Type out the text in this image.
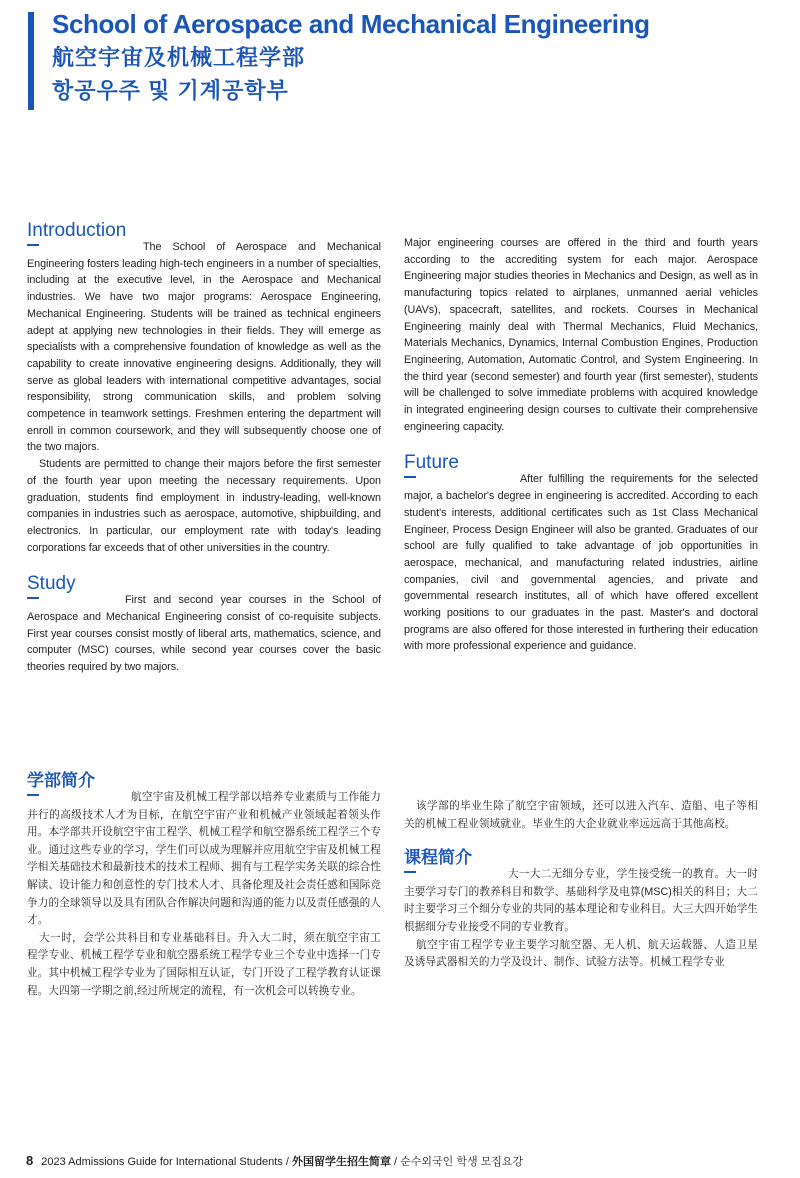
School of Aerospace and Mechanical Engineering
航空宇宙及机械工程学部
항공우주 및 기계공학부
Introduction

The School of Aerospace and Mechanical Engineering fosters leading high-tech engineers in a number of specialties, including at the executive level, in the Aerospace and Mechanical industries. We have two major programs: Aerospace Engineering, Mechanical Engineering. Students will be trained as technical engineers adept at applying new technologies in their fields. They will emerge as specialists with a comprehensive foundation of knowledge as well as the capability to create innovative engineering designs. Additionally, they will serve as global leaders with international competitive advantages, social responsibility, strong communication skills, and problem solving competence in teamwork settings. Freshmen entering the department will enroll in common coursework, and they will subsequently choose one of the two majors.

Students are permitted to change their majors before the first semester of the fourth year upon meeting the necessary requirements. Upon graduation, students find employment in industry-leading, well-known companies in industries such as aerospace, automotive, shipbuilding, and electronics. In particular, our employment rate with today's leading corporations far exceeds that of other universities in the country.

Study

First and second year courses in the School of Aerospace and Mechanical Engineering consist of co-requisite subjects. First year courses consist mostly of liberal arts, mathematics, science, and computer (MSC) courses, while second year courses cover the basic theories required by two majors.

Major engineering courses are offered in the third and fourth years according to the accrediting system for each major. Aerospace Engineering major studies theories in Mechanics and Design, as well as in manufacturing topics related to airplanes, unmanned aerial vehicles (UAVs), spacecraft, satellites, and rockets. Courses in Mechanical Engineering mainly deal with Thermal Mechanics, Fluid Mechanics, Materials Mechanics, Dynamics, Internal Combustion Engines, Production Engineering, Automation, Automatic Control, and System Engineering. In the third year (second semester) and fourth year (first semester), students will be challenged to solve immediate problems with acquired knowledge in integrated engineering design courses to cultivate their comprehensive engineering capacity.

Future

After fulfilling the requirements for the selected major, a bachelor's degree in engineering is accredited. According to each student's interests, additional certificates such as 1st Class Mechanical Engineer, Process Design Engineer will also be granted. Graduates of our school are fully qualified to take advantage of job opportunities in aerospace, mechanical, and manufacturing related industries, airline companies, civil and governmental agencies, and private and governmental research institutes, all of which have offered excellent working positions to our graduates in the past. Master's and doctoral programs are also offered for those interested in furthering their education with more professional experience and guidance.

学部简介

航空宇宙及机械工程学部以培养专业素质与工作能力并行的高级技术人才为目标，在航空宇宙产业和机械产业领域起着领头作用。本学部共开设航空宇宙工程学、机械工程学和航空器系统工程学三个专业。通过这些专业的学习，学生们可以成为理解并应用航空宇宙及机械工程学相关基础技术和最新技术的技术工程师、拥有与工程学实务关联的综合性解读、设计能力和创意性的专门技术人才、具备伦理及社会责任感和国际竞争力的全球领导以及具有团队合作解决问题和沟通的能力以及责任感强的人才。

大一时，会学公共科目和专业基础科目。升入大二时，须在航空宇宙工程学专业、机械工程学专业和航空器系统工程学专业三个专业中选择一门专业。其中机械工程学专业为了国际相互认证，专门开设了工程学教育认证课程。大四第一学期之前,经过所规定的流程，有一次机会可以转换专业。

该学部的毕业生除了航空宇宙领域，还可以进入汽车、造船、电子等相关的机械工程业领域就业。毕业生的大企业就业率远远高于其他高校。

课程简介

大一大二无细分专业，学生接受统一的教育。大一时主要学习专门的教养科目和数学、基础科学及电算(MSC)相关的科目；大二时主要学习三个细分专业的共同的基本理论和专业科目。大三大四开始学生根据细分专业接受不同的专业教育。

航空宇宙工程学专业主要学习航空器、无人机、航天运载器、人造卫星及诱导武器相关的力学及设计、制作、试验方法等。机械工程学专业

8 2023 Admissions Guide for International Students / 外国留学生招生简章 / 순수외국인 학생 모집요강
